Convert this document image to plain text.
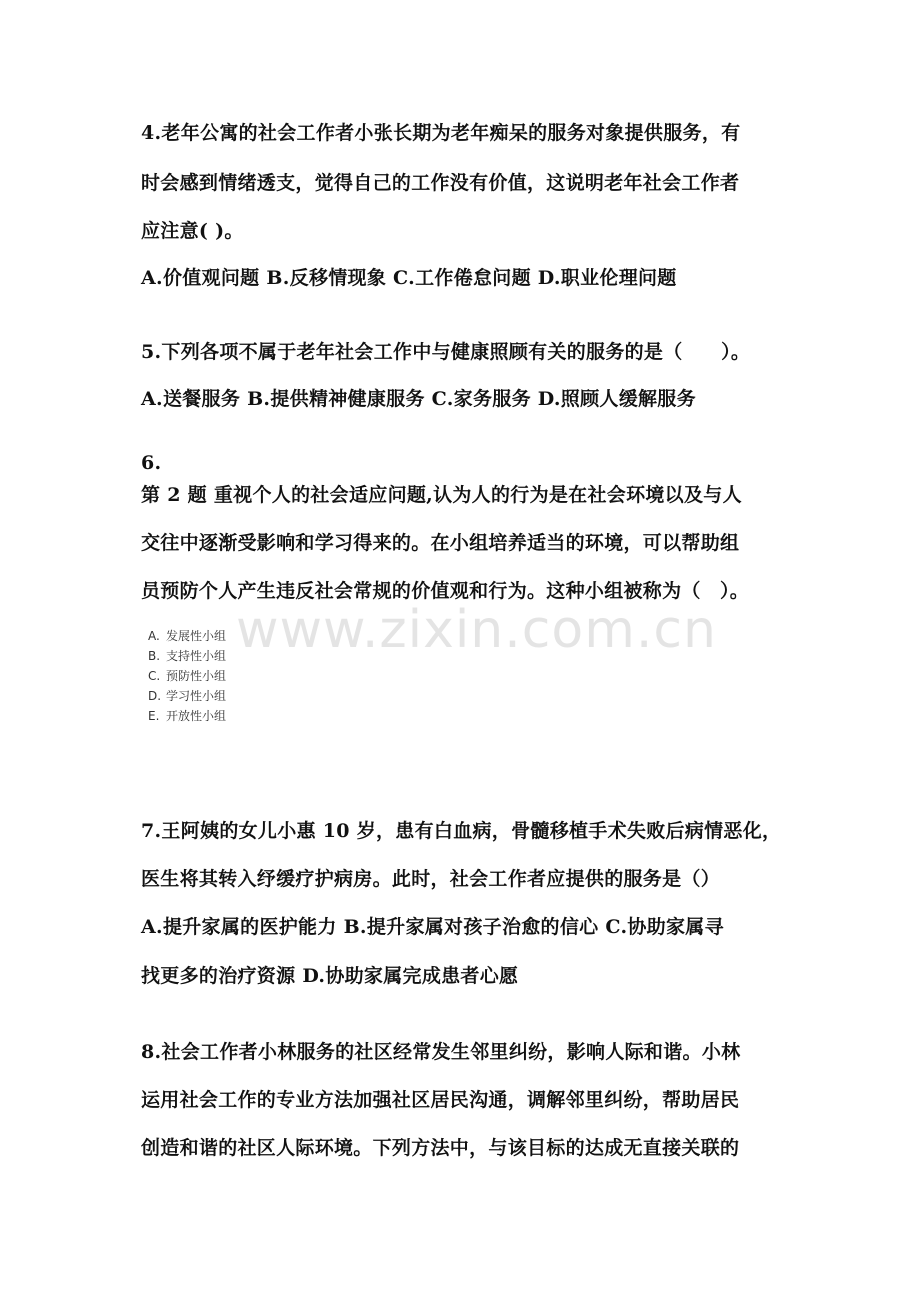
www.zixin.com.cn
4.老年公寓的社会工作者小张长期为老年痴呆的服务对象提供服务，有
时会感到情绪透支，觉得自己的工作没有价值，这说明老年社会工作者
应注意( )。
A.价值观问题 B.反移情现象 C.工作倦怠问题 D.职业伦理问题
5.下列各项不属于老年社会工作中与健康照顾有关的服务的是（　　）。
A.送餐服务 B.提供精神健康服务 C.家务服务 D.照顾人缓解服务
6.
第 2 题 重视个人的社会适应问题,认为人的行为是在社会环境以及与人
交往中逐渐受影响和学习得来的。在小组培养适当的环境，可以帮助组
员预防个人产生违反社会常规的价值观和行为。这种小组被称为（　）。
A. 发展性小组
B. 支持性小组
C. 预防性小组
D. 学习性小组
E. 开放性小组
7.王阿姨的女儿小惠 10 岁，患有白血病，骨髓移植手术失败后病情恶化，
医生将其转入纾缓疗护病房。此时，社会工作者应提供的服务是（）
A.提升家属的医护能力 B.提升家属对孩子治愈的信心 C.协助家属寻
找更多的治疗资源 D.协助家属完成患者心愿
8.社会工作者小林服务的社区经常发生邻里纠纷，影响人际和谐。小林
运用社会工作的专业方法加强社区居民沟通，调解邻里纠纷，帮助居民
创造和谐的社区人际环境。下列方法中，与该目标的达成无直接关联的
